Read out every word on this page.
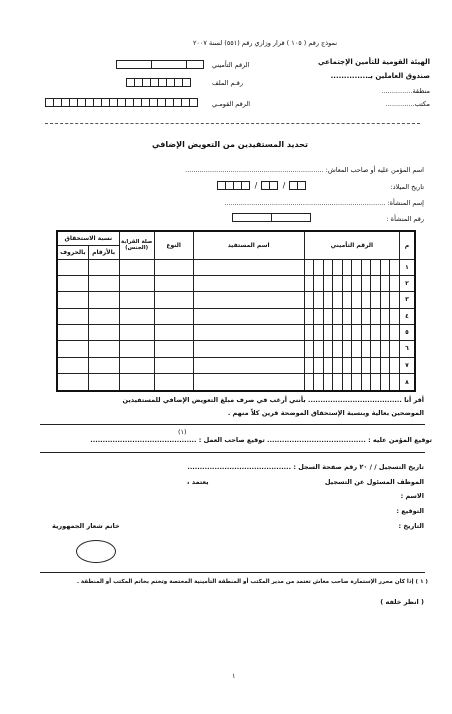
نموذج رقم ( ١٠٥ ) قرار وزاري رقم (٥٥١) لسنة ٢٠٠٧
الهيئة القومية للتأمين الإجتماعي
صندوق العاملين بـ..............
منطقة...............
مكتب..............
الرقم التأميني
رقـم الملف
الرقم القومـي
تحديد المستفيدين من التعويض الإضافي
اسم المؤمن عليه أو صاحب المعاش: ...................................................................
تاريخ الميلاد:
/	/
إسم المنشأة: ..............................................................................
رقم المنشأة :
م	الرقم التأميني										اسم المستفيد	النوع	صلة القرابة (الجنس)	نسبة الاستحقاق	
														بالأرقام	بالحروف
١															
٢															
٣															
٤															
٥															
٦															
٧															
٨															
أقر أنا ...................................... بأنني أرغب في صرف مبلغ التعويض الإضافي للمستفيدين
الموضحين بعالية وبنسبة الإستحقاق الموضحة قرين كلاً منهم .
(١)
توقيع المؤمن عليه : ........................................ توقيع صاحب العمل : ...........................................
تاريخ التسجيل / / ٢٠ رقم صفحة السجل : ..........................................
الموظف المسئول عن التسجيل
يعتمد ،
الاسم :
التوقيع :
التاريخ :
خاتم شعار الجمهورية
( ١ ) إذا كان محرر الإستمارة صاحب معاش تعتمد من مدير المكتب أو المنطقة التأمينية المختصة وتختم بخاتم المكتب أو المنطقة .
( انظر خلفه )
١
